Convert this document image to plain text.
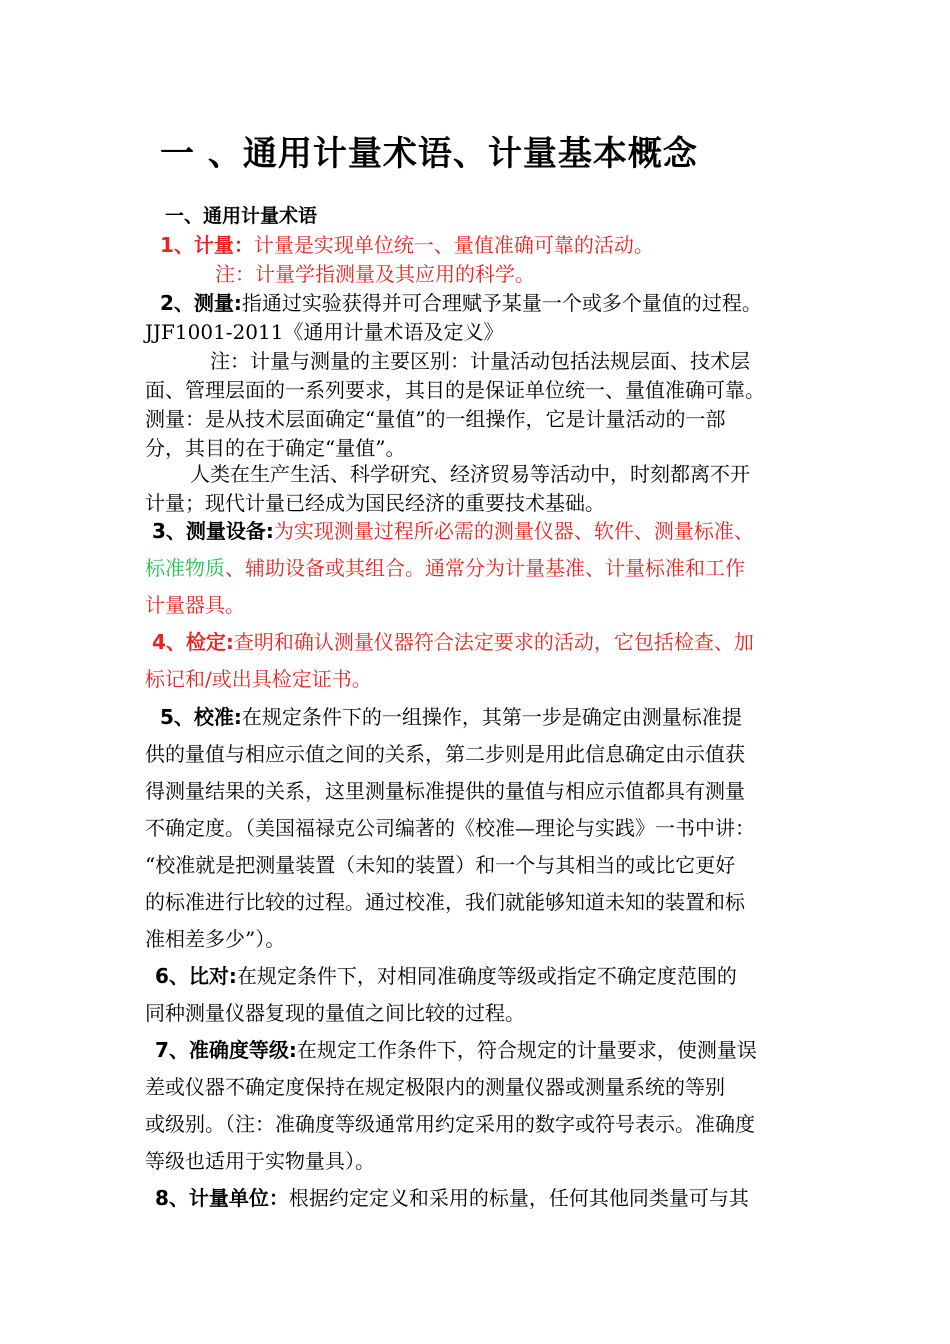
一 、通用计量术语、计量基本概念
一、通用计量术语
1、计量：计量是实现单位统一、量值准确可靠的活动。
注：计量学指测量及其应用的科学。
2、测量:指通过实验获得并可合理赋予某量一个或多个量值的过程。
JJF1001-2011《通用计量术语及定义》
注：计量与测量的主要区别：计量活动包括法规层面、技术层
面、管理层面的一系列要求，其目的是保证单位统一、量值准确可靠。
测量：是从技术层面确定“量值”的一组操作，它是计量活动的一部
分，其目的在于确定“量值”。
人类在生产生活、科学研究、经济贸易等活动中，时刻都离不开
计量；现代计量已经成为国民经济的重要技术基础。
3、测量设备:为实现测量过程所必需的测量仪器、软件、测量标准、
标准物质、辅助设备或其组合。通常分为计量基准、计量标准和工作
计量器具。
4、检定:查明和确认测量仪器符合法定要求的活动，它包括检查、加
标记和/或出具检定证书。
5、校准:在规定条件下的一组操作，其第一步是确定由测量标准提
供的量值与相应示值之间的关系，第二步则是用此信息确定由示值获
得测量结果的关系，这里测量标准提供的量值与相应示值都具有测量
不确定度。（美国福禄克公司编著的《校准—理论与实践》一书中讲：
“校准就是把测量装置（未知的装置）和一个与其相当的或比它更好
的标准进行比较的过程。通过校准，我们就能够知道未知的装置和标
准相差多少”）。
6、比对:在规定条件下，对相同准确度等级或指定不确定度范围的
同种测量仪器复现的量值之间比较的过程。
7、准确度等级:在规定工作条件下，符合规定的计量要求，使测量误
差或仪器不确定度保持在规定极限内的测量仪器或测量系统的等别
或级别。（注：准确度等级通常用约定采用的数字或符号表示。准确度
等级也适用于实物量具）。
8、计量单位：根据约定定义和采用的标量，任何其他同类量可与其
